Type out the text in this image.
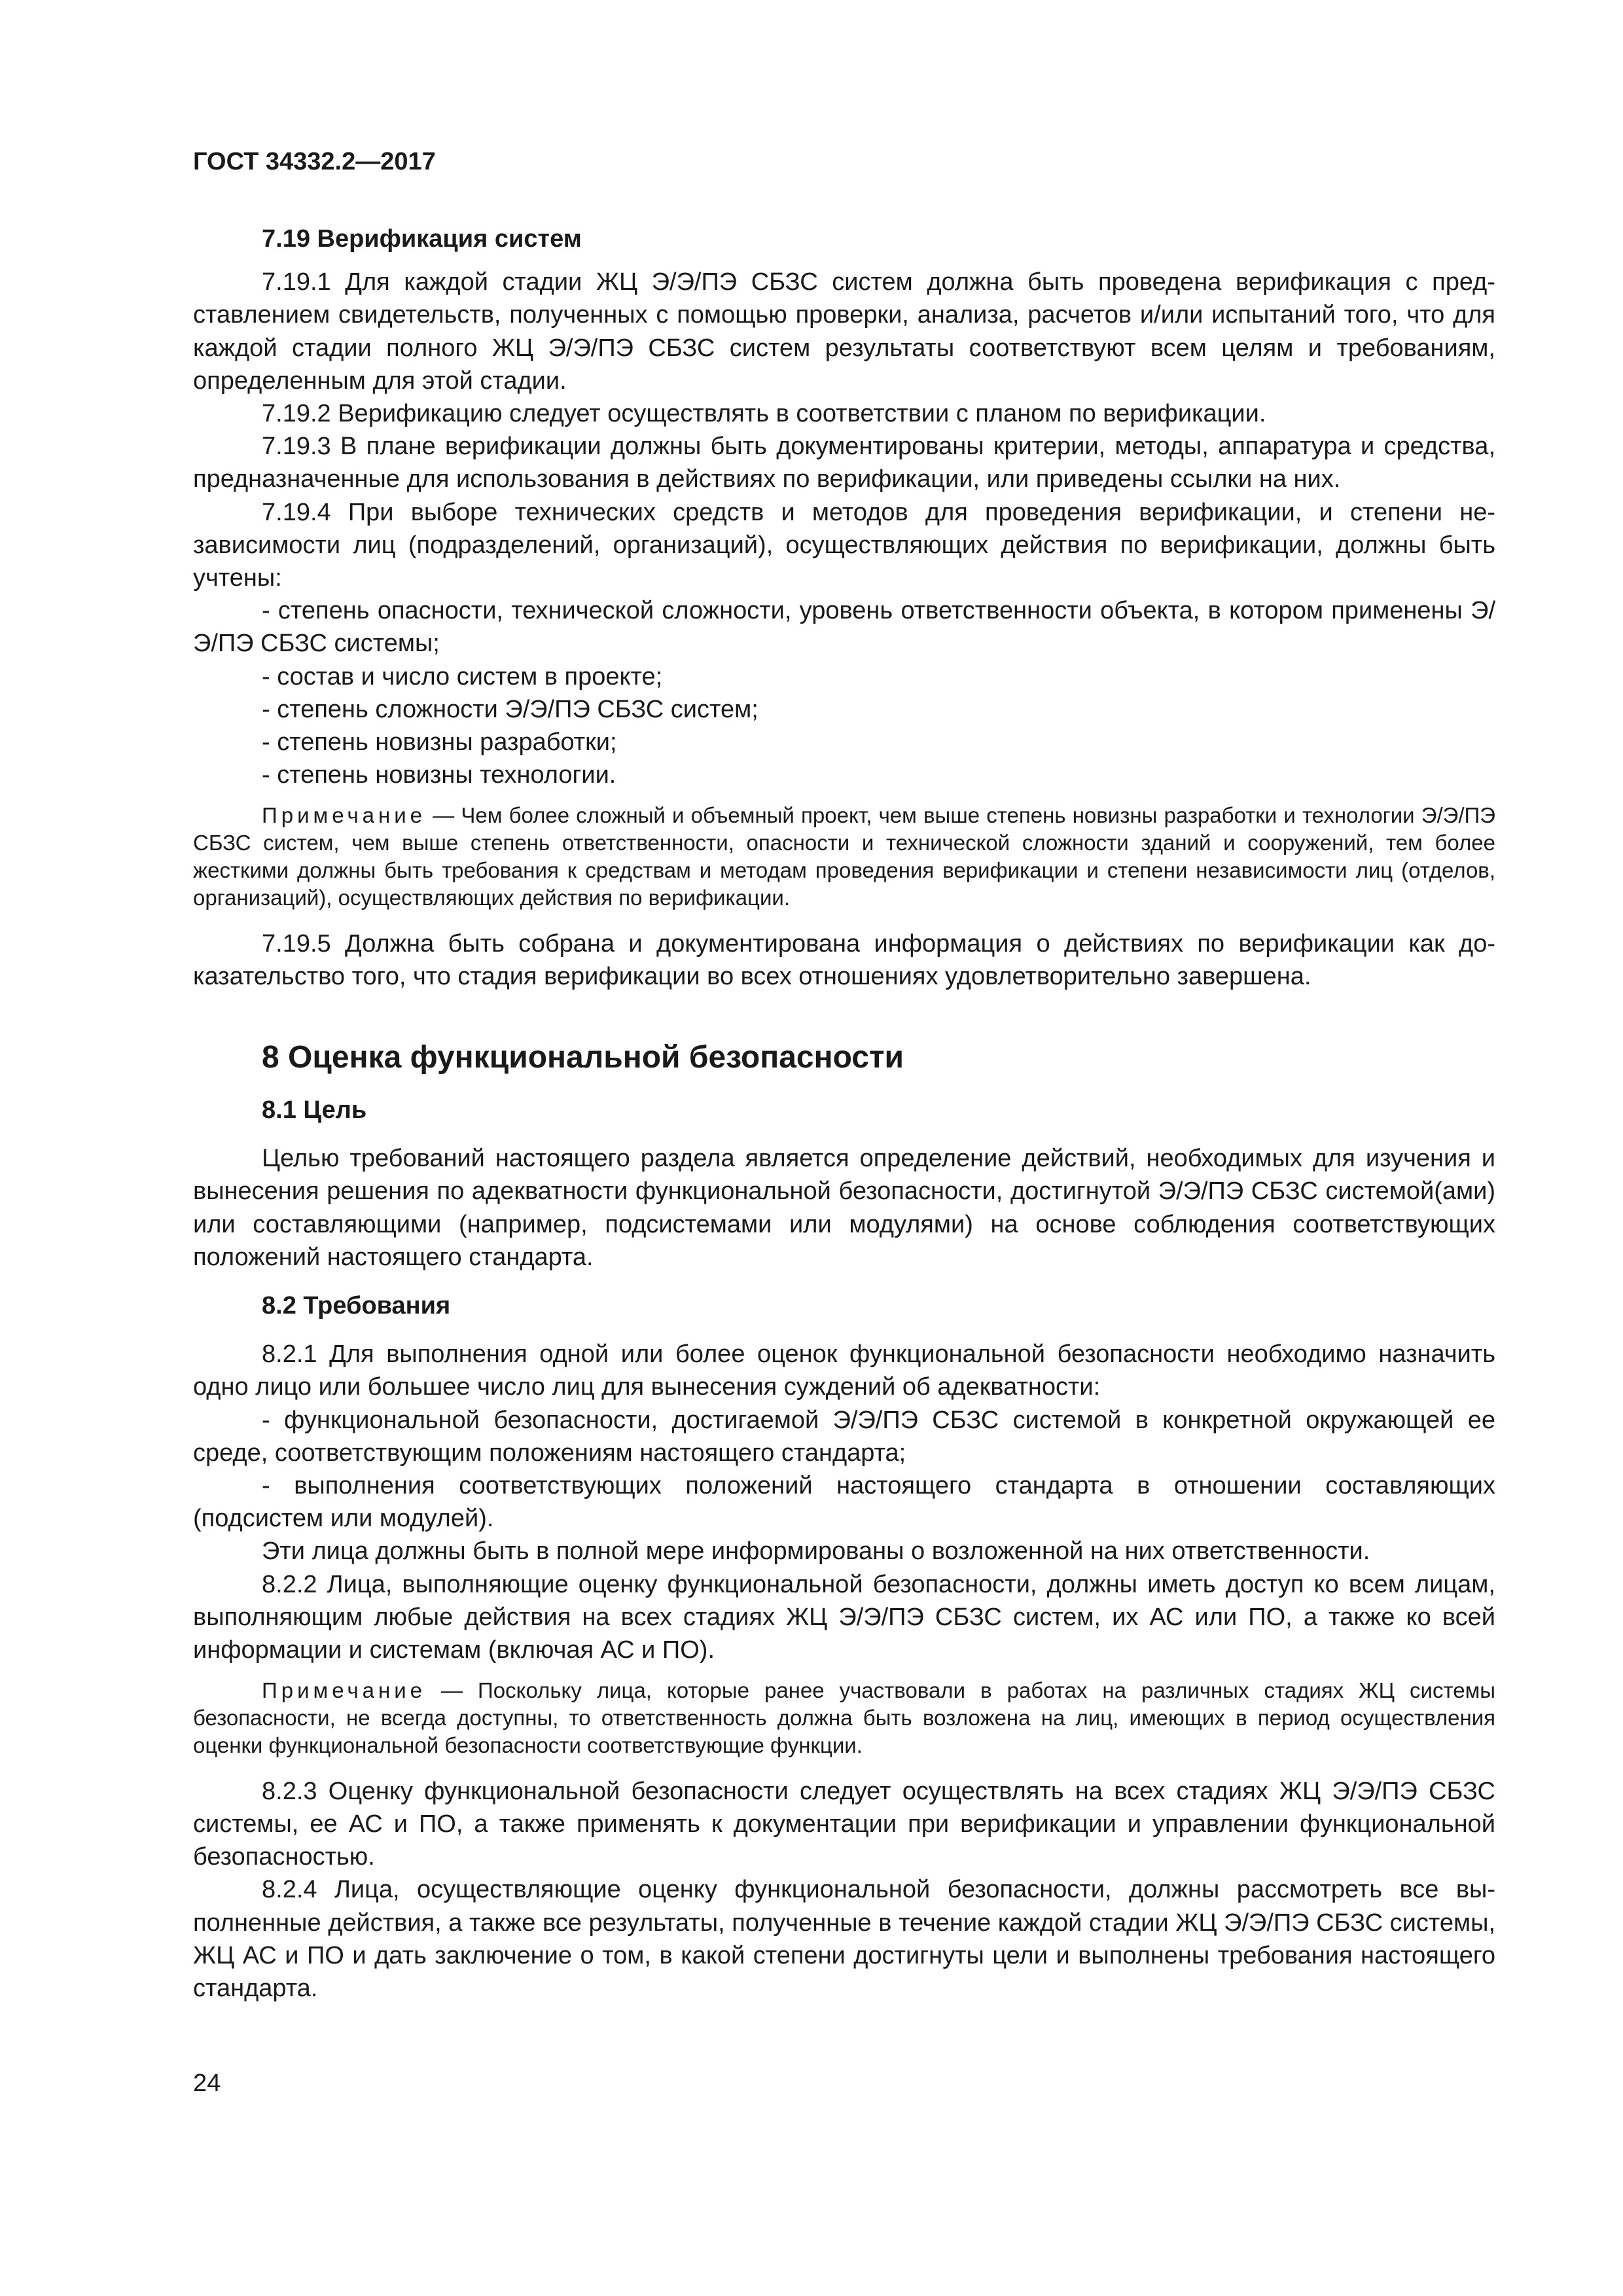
ГОСТ 34332.2—2017

7.19 Верификация систем

7.19.1 Для каждой стадии ЖЦ Э/Э/ПЭ СБЗС систем должна быть проведена верификация с представлением свидетельств, полученных с помощью проверки, анализа, расчетов и/или испытаний того, что для каждой стадии полного ЖЦ Э/Э/ПЭ СБЗС систем результаты соответствуют всем целям и требованиям, определенным для этой стадии.

7.19.2 Верификацию следует осуществлять в соответствии с планом по верификации.

7.19.3 В плане верификации должны быть документированы критерии, методы, аппаратура и средства, предназначенные для использования в действиях по верификации, или приведены ссылки на них.

7.19.4 При выборе технических средств и методов для проведения верификации, и степени независимости лиц (подразделений, организаций), осуществляющих действия по верификации, должны быть учтены:

- степень опасности, технической сложности, уровень ответственности объекта, в котором применены Э/Э/ПЭ СБЗС системы;

- состав и число систем в проекте;

- степень сложности Э/Э/ПЭ СБЗС систем;

- степень новизны разработки;

- степень новизны технологии.

Примечание — Чем более сложный и объемный проект, чем выше степень новизны разработки и технологии Э/Э/ПЭ СБЗС систем, чем выше степень ответственности, опасности и технической сложности зданий и сооружений, тем более жесткими должны быть требования к средствам и методам проведения верификации и степени независимости лиц (отделов, организаций), осуществляющих действия по верификации.

7.19.5 Должна быть собрана и документирована информация о действиях по верификации как доказательство того, что стадия верификации во всех отношениях удовлетворительно завершена.

8 Оценка функциональной безопасности

8.1 Цель

Целью требований настоящего раздела является определение действий, необходимых для изучения и вынесения решения по адекватности функциональной безопасности, достигнутой Э/Э/ПЭ СБЗС системой(ами) или составляющими (например, подсистемами или модулями) на основе соблюдения соответствующих положений настоящего стандарта.

8.2 Требования

8.2.1 Для выполнения одной или более оценок функциональной безопасности необходимо назначить одно лицо или большее число лиц для вынесения суждений об адекватности:

- функциональной безопасности, достигаемой Э/Э/ПЭ СБЗС системой в конкретной окружающей ее среде, соответствующим положениям настоящего стандарта;

- выполнения соответствующих положений настоящего стандарта в отношении составляющих (подсистем или модулей).

Эти лица должны быть в полной мере информированы о возложенной на них ответственности.

8.2.2 Лица, выполняющие оценку функциональной безопасности, должны иметь доступ ко всем лицам, выполняющим любые действия на всех стадиях ЖЦ Э/Э/ПЭ СБЗС систем, их АС или ПО, а также ко всей информации и системам (включая АС и ПО).

Примечание — Поскольку лица, которые ранее участвовали в работах на различных стадиях ЖЦ системы безопасности, не всегда доступны, то ответственность должна быть возложена на лиц, имеющих в период осуществления оценки функциональной безопасности соответствующие функции.

8.2.3 Оценку функциональной безопасности следует осуществлять на всех стадиях ЖЦ Э/Э/ПЭ СБЗС системы, ее АС и ПО, а также применять к документации при верификации и управлении функциональной безопасностью.

8.2.4 Лица, осуществляющие оценку функциональной безопасности, должны рассмотреть все выполненные действия, а также все результаты, полученные в течение каждой стадии ЖЦ Э/Э/ПЭ СБЗС системы, ЖЦ АС и ПО и дать заключение о том, в какой степени достигнуты цели и выполнены требования настоящего стандарта.

24
